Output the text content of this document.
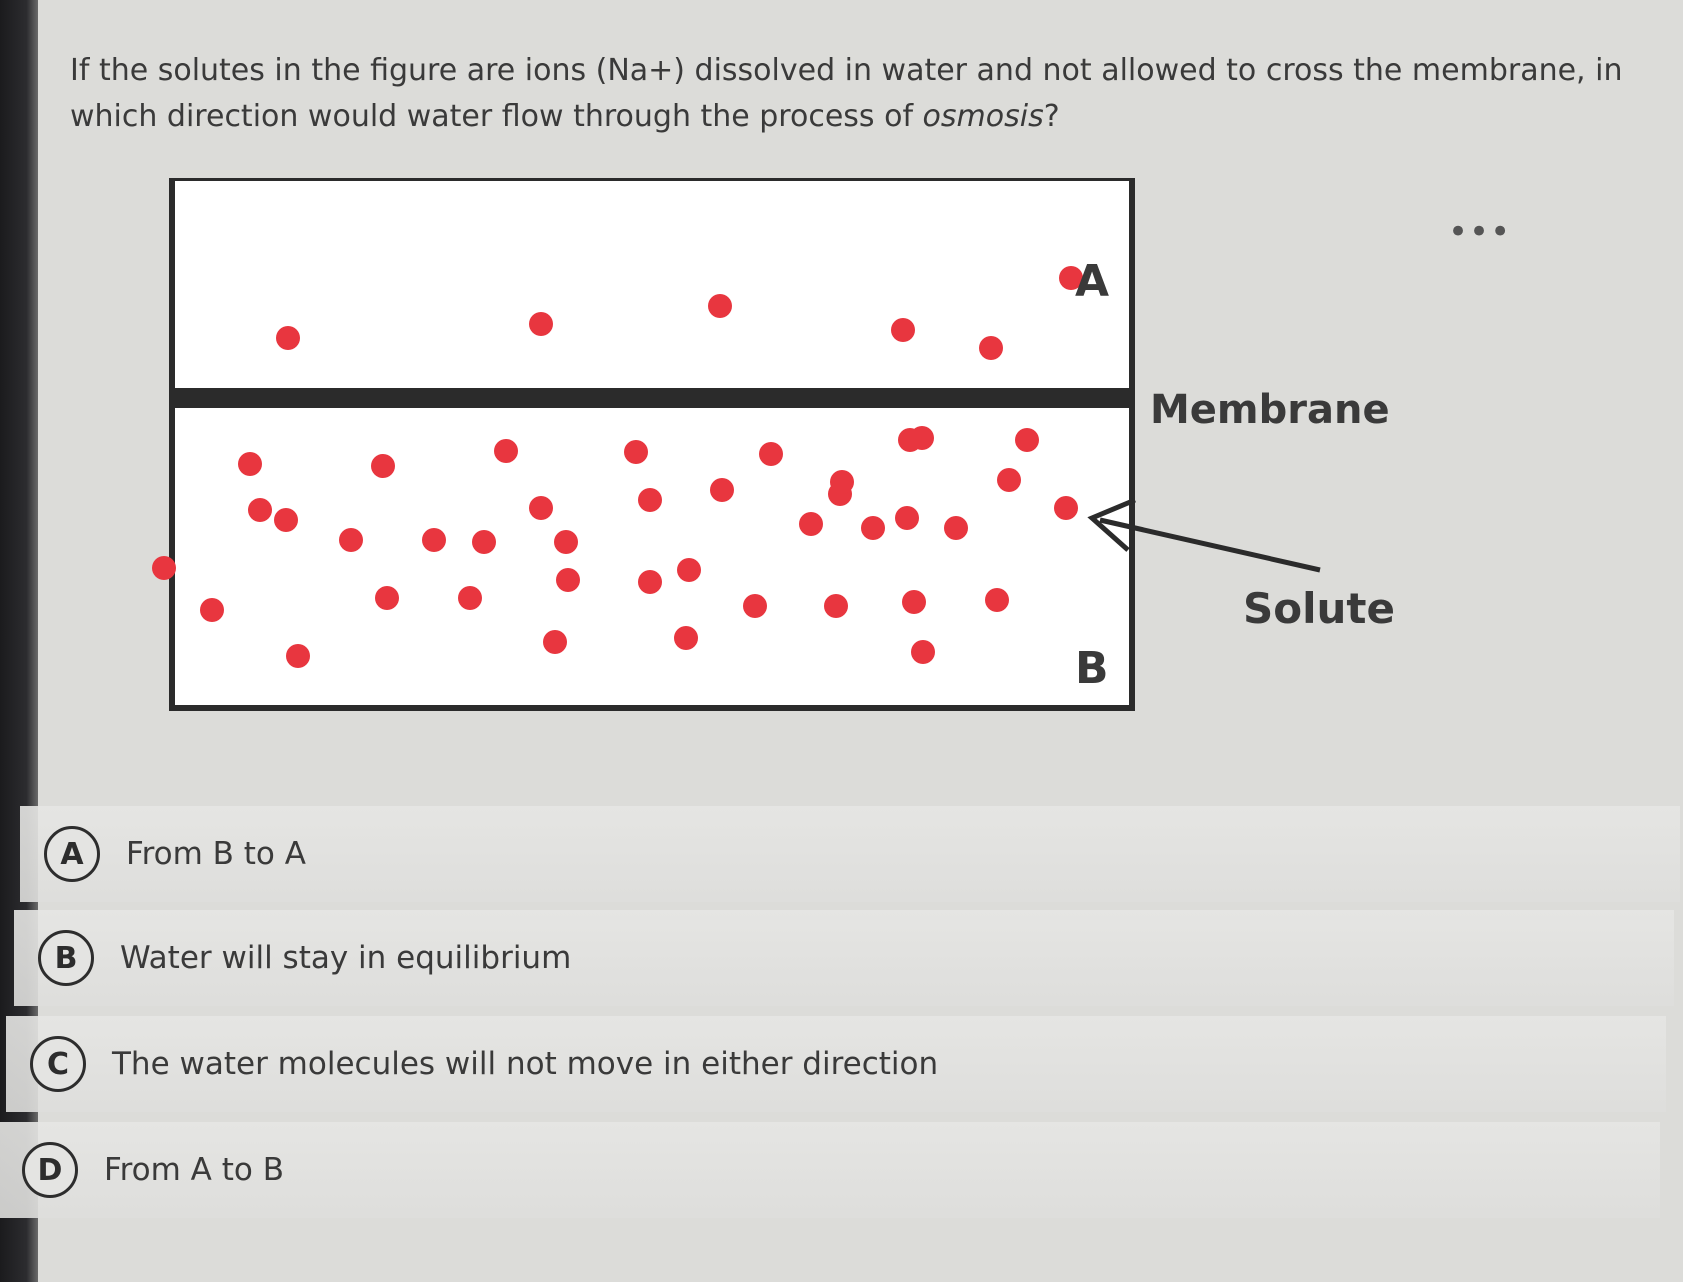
If the solutes in the figure are ions (Na+) dissolved in water and not allowed to cross the membrane, in which direction would water flow through the process of osmosis?
•••
A
B
Membrane
Solute
A	From B to A
B	Water will stay in equilibrium
C	The water molecules will not move in either direction
D	From A to B
